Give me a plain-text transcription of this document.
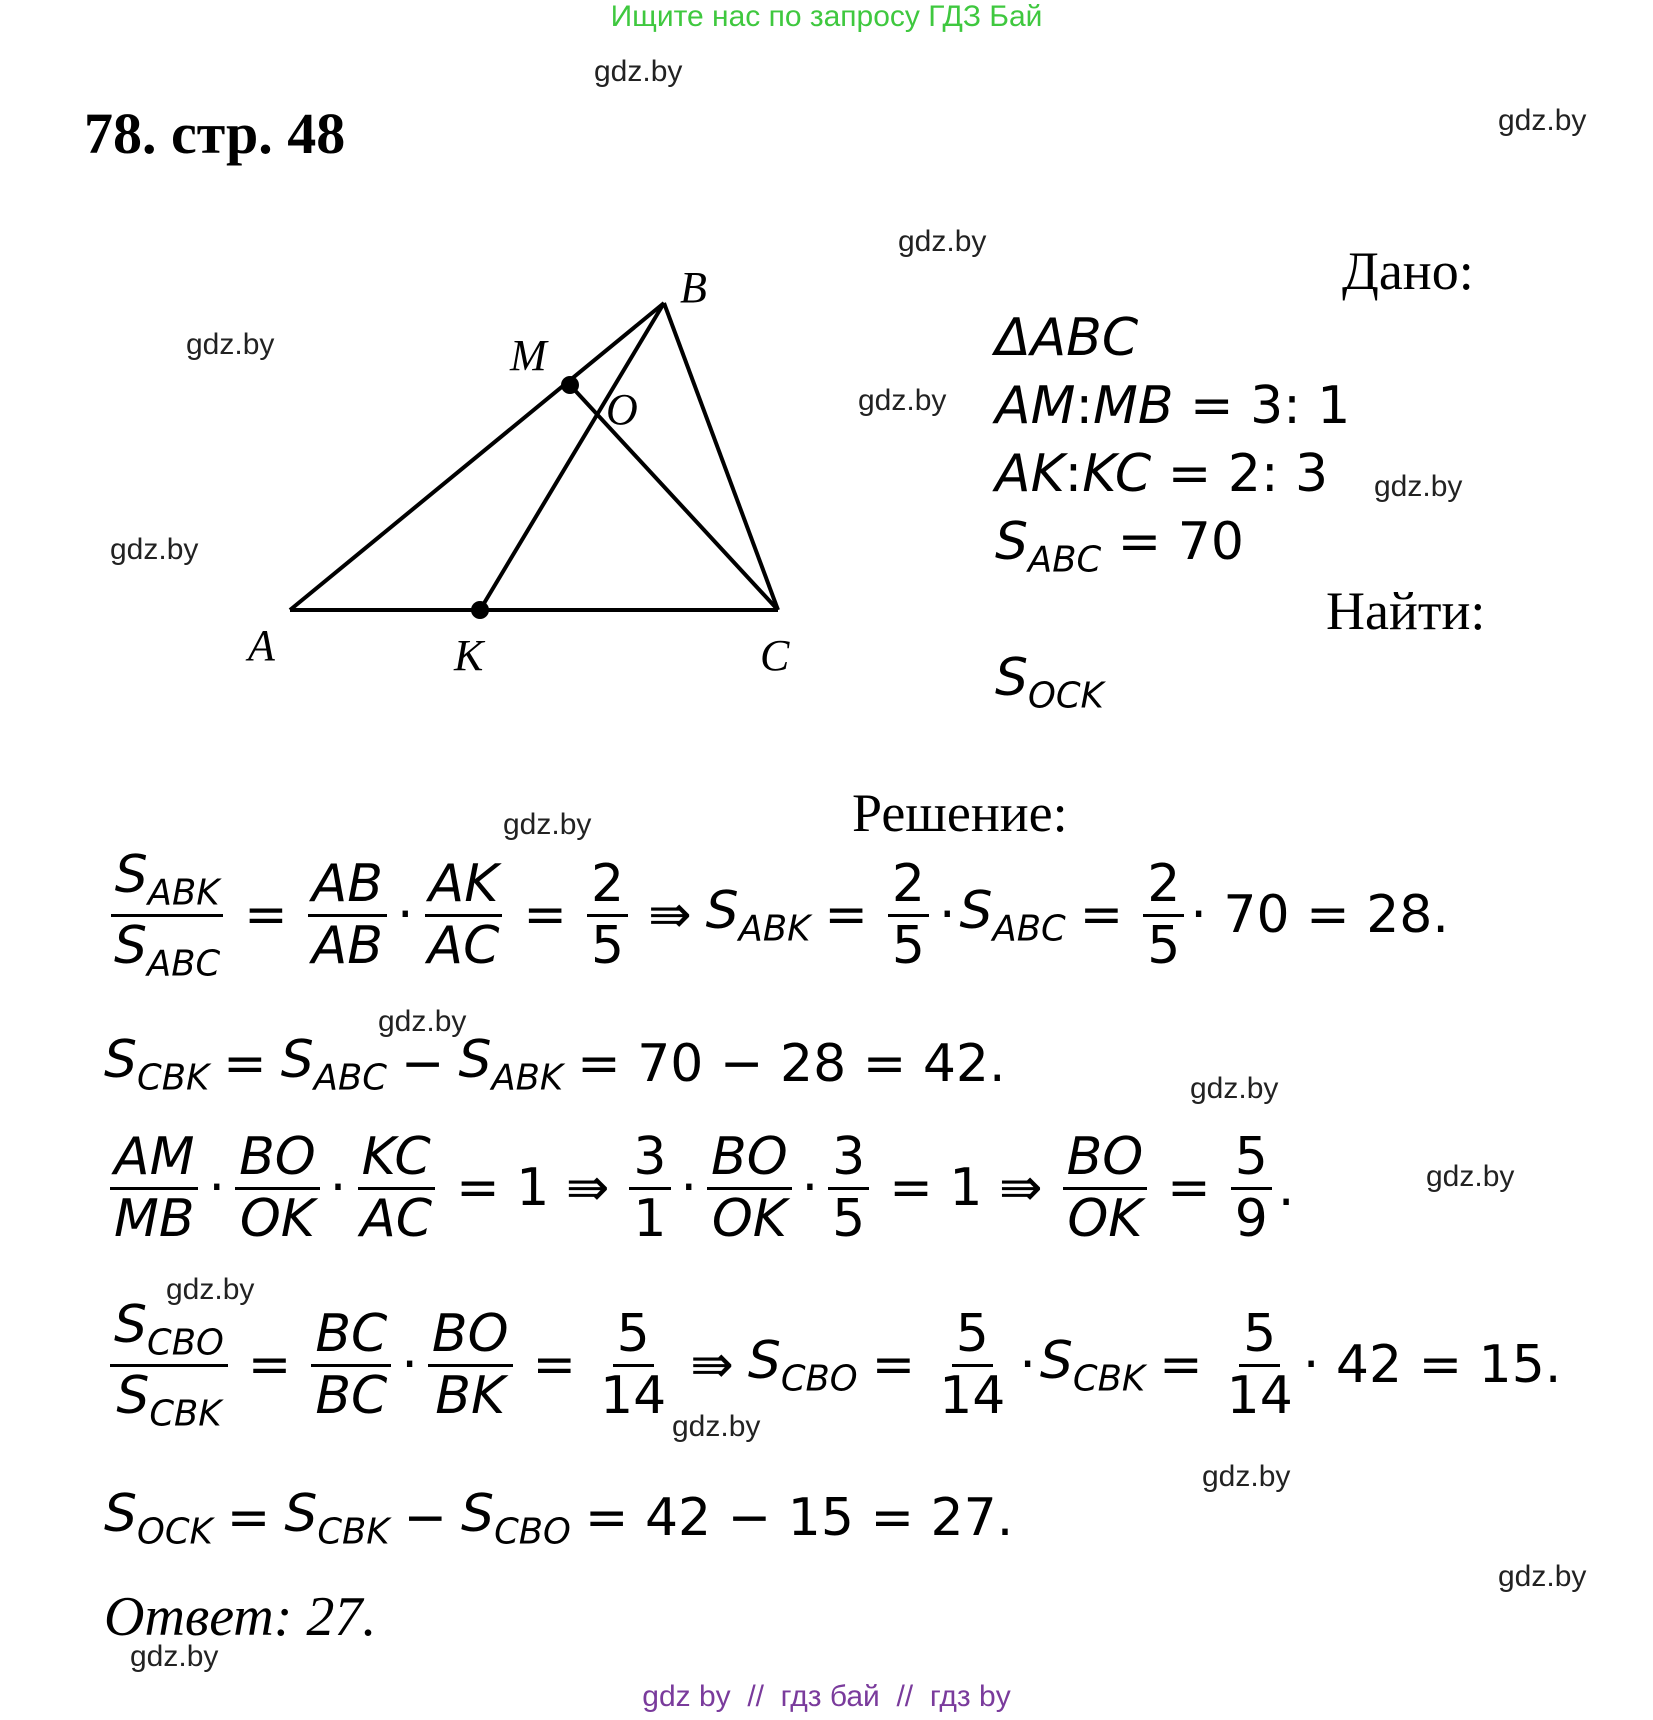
Ищите нас по запросу ГДЗ Бай
gdz.by
gdz.by
gdz.by
gdz.by
gdz.by
gdz.by
gdz.by
gdz.by
gdz.by
gdz.by
gdz.by
gdz.by
gdz.by
gdz.by
gdz.by
gdz.by
78. стр. 48
A
B
C
M
O
K
Дано:
ΔABC
AM:MB = 3: 1
AK:KC = 2: 3
$S_{ABC} = 70$
Найти:
$S_{OCK}$
Решение:
$\frac{S_{ABK}}{S_{ABC}} = \frac{AB}{AB} \cdot \frac{AK}{AC} = \frac{2}{5}$ ⇛ $S_{ABK} = \frac{2}{5} \cdot S_{ABC} = \frac{2}{5} \cdot 70 = 28$.
$S_{CBK} = S_{ABC} - S_{ABK} = 70 - 28 = 42$.
$\frac{AM}{MB} \cdot \frac{BO}{OK} \cdot \frac{KC}{AC} = 1$ ⇛ $\frac{3}{1} \cdot \frac{BO}{OK} \cdot \frac{3}{5} = 1$ ⇛ $\frac{BO}{OK} = \frac{5}{9}$ .
$\frac{S_{CBO}}{S_{CBK}} = \frac{BC}{BC} \cdot \frac{BO}{BK} = \frac{5}{14}$ ⇛ $S_{CBO} = \frac{5}{14} \cdot S_{CBK} = \frac{5}{14} \cdot 42 = 15$.
$S_{OCK} = S_{CBK} - S_{CBO} = 42 - 15 = 27$.
Ответ: 27.
gdz by  //  гдз бай  //  гдз by
